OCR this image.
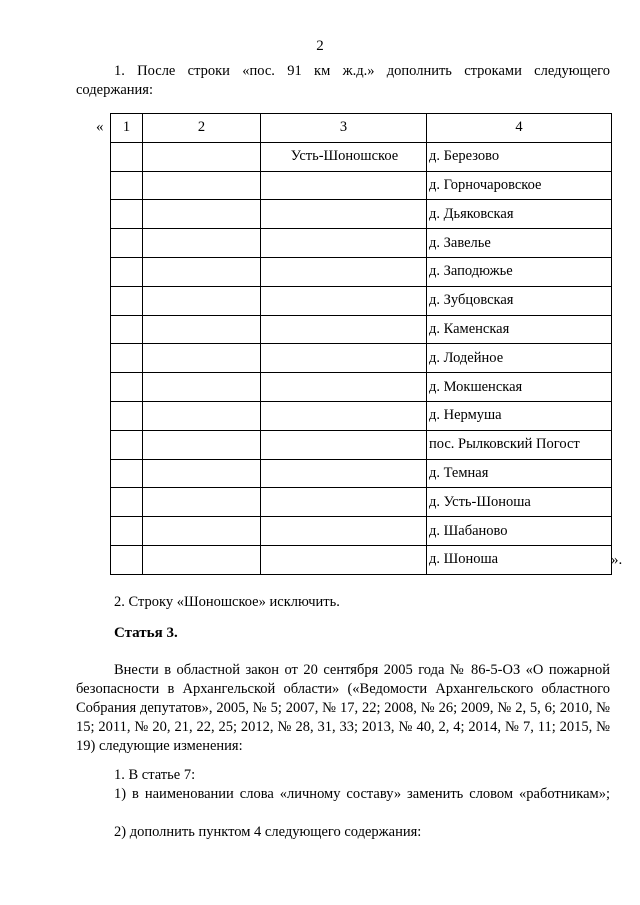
2
1. После строки «пос. 91 км ж.д.» дополнить строками следующего содержания:
« 1	2	3	4
		Усть-Шоношское	д. Березово
			д. Горночаровское
			д. Дьяковская
			д. Завелье
			д. Заподюжье
			д. Зубцовская
			д. Каменская
			д. Лодейное
			д. Мокшенская
			д. Нермуша
			пос. Рылковский Погост
			д. Темная
			д. Усть-Шоноша
			д. Шабаново
			д. Шоноша	».
2. Строку «Шоношское» исключить.
Статья 3.
Внести в областной закон от 20 сентября 2005 года № 86-5-ОЗ «О пожарной безопасности в Архангельской области» («Ведомости Архангельского областного Собрания депутатов», 2005, № 5; 2007, № 17, 22; 2008, № 26; 2009, № 2, 5, 6; 2010, № 15; 2011, № 20, 21, 22, 25; 2012, № 28, 31, 33; 2013, № 40, 2, 4; 2014, № 7, 11; 2015, № 19) следующие изменения:
1. В статье 7:
1) в наименовании слова «личному составу» заменить словом «работникам»;
2) дополнить пунктом 4 следующего содержания:
